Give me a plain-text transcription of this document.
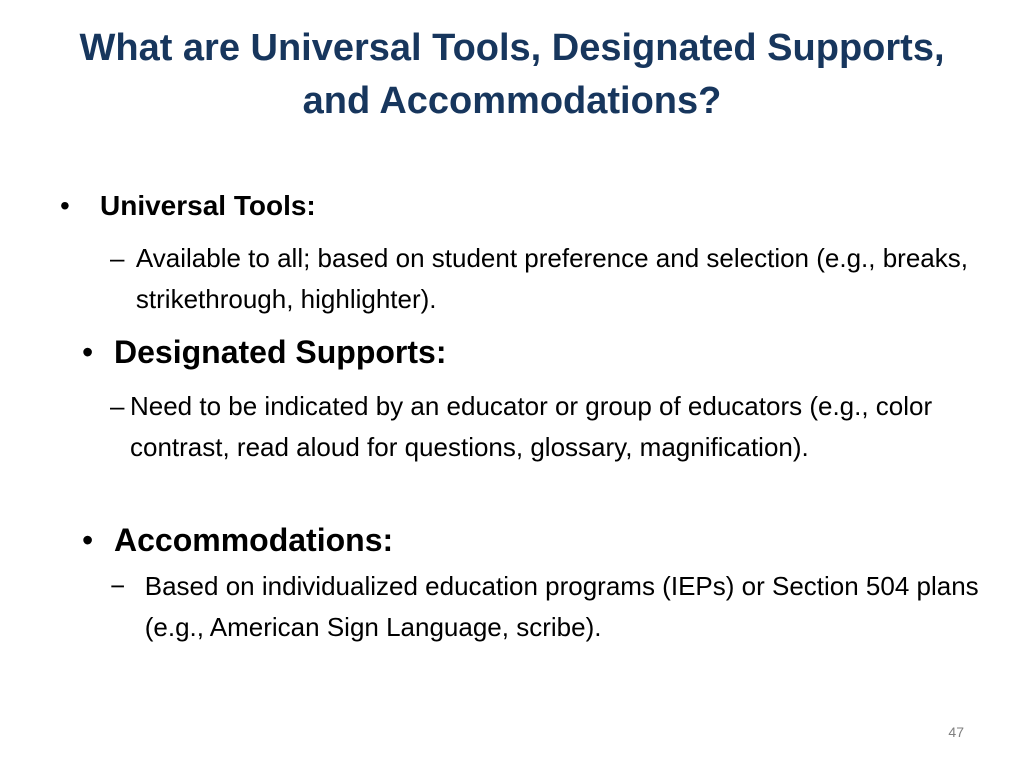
What are Universal Tools, Designated Supports, and Accommodations?
•	Universal Tools:
– Available to all; based on student preference and selection (e.g., breaks, strikethrough, highlighter).
• Designated Supports:
– Need to be indicated by an educator or group of educators (e.g., color contrast, read aloud for questions, glossary, magnification).
• Accommodations:
− Based on individualized education programs (IEPs) or Section 504 plans (e.g., American Sign Language, scribe).
47
